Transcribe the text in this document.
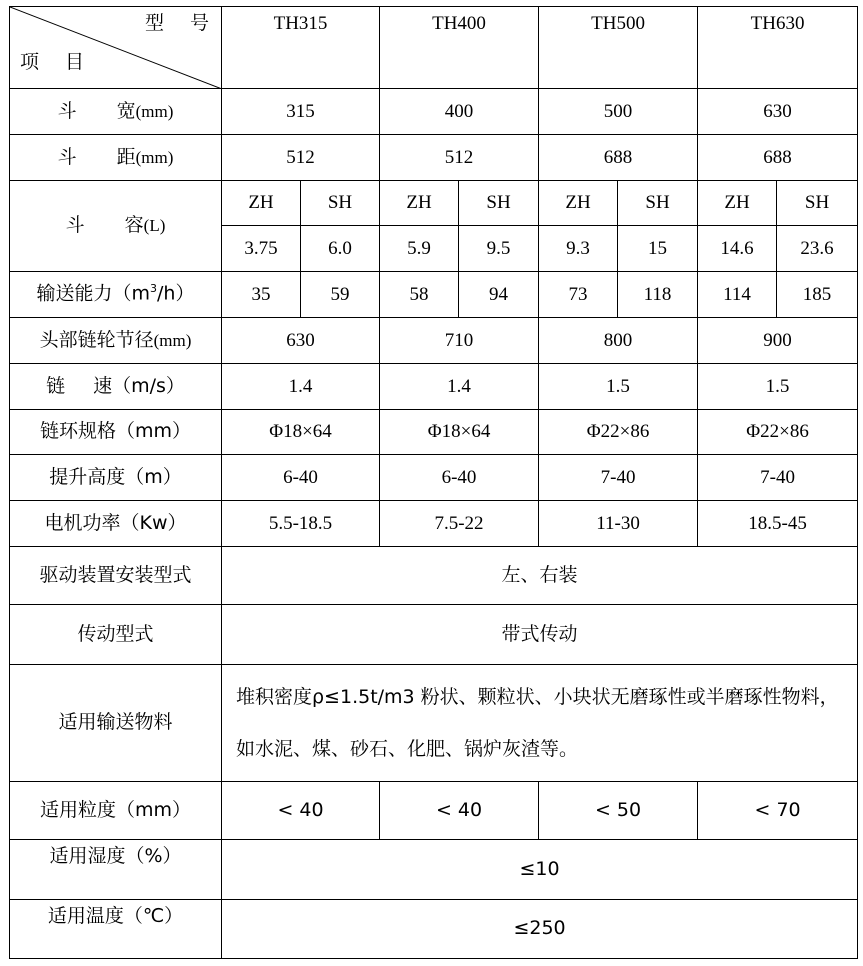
型 号
项 目	TH315		TH400		TH500		TH630	
斗 宽(mm)	315		400		500		630	
斗 距(mm)	512		512		688		688	
斗 容(L)	ZH	SH	ZH	SH	ZH	SH	ZH	SH
	3.75	6.0	5.9	9.5	9.3	15	14.6	23.6
输送能力$(m^3/h)$	35	59	58	94	73	118	114	185
头部链轮节径(mm)	630		710		800		900	
链 速（m/s）	1.4		1.4		1.5		1.5	
链环规格（mm）	Φ18×64		Φ18×64		Φ22×86		Φ22×86	
提升高度（m）	6-40		6-40		7-40		7-40	
电机功率（Kw）	5.5-18.5		7.5-22		11-30		18.5-45	
驱动装置安装型式	左、右装							
传动型式	带式传动							
适用输送物料	堆积密度ρ≤1.5t/m3 粉状、颗粒状、小块状无磨琢性或半磨琢性物料，如水泥、煤、砂石、化肥、锅炉灰渣等。							
适用粒度（mm）	< 40		< 40		< 50		< 70	
适用湿度（%）	≤10							
适用温度（℃）	≤250							
